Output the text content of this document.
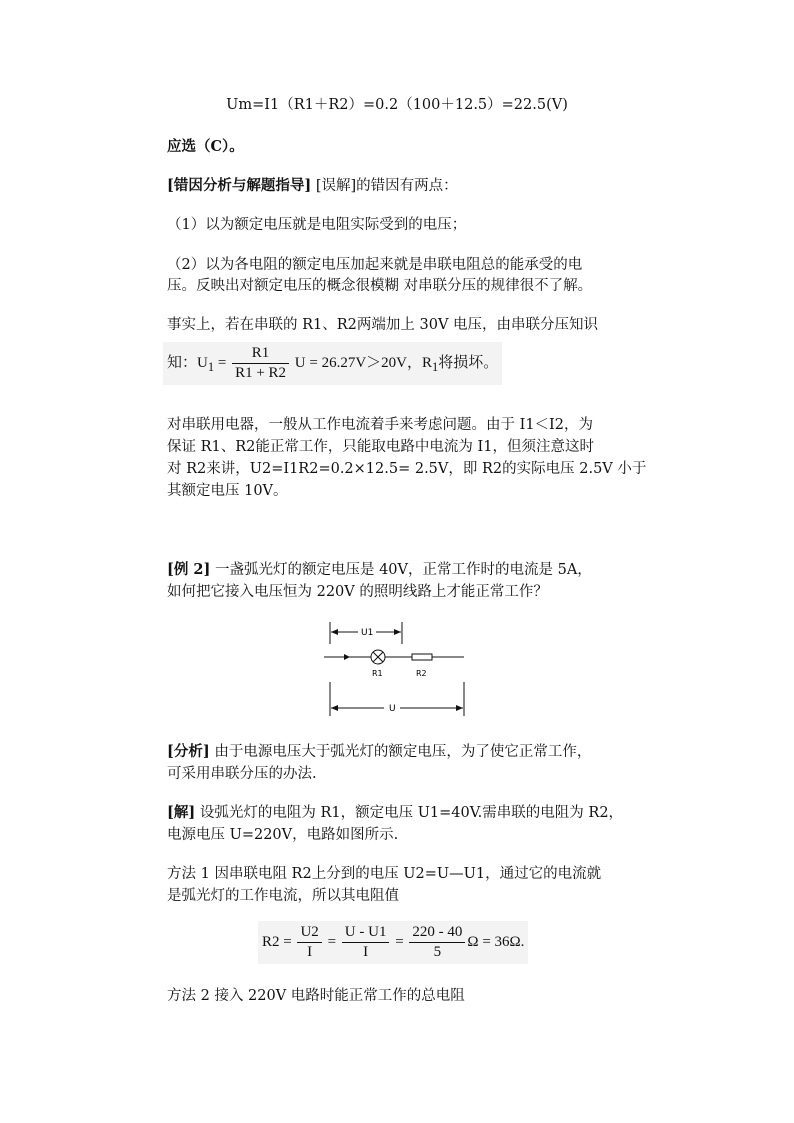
Um=I1（R1＋R2）=0.2（100＋12.5）=22.5(V)
应选（C）。
[错因分析与解题指导] [误解]的错因有两点：
（1）以为额定电压就是电阻实际受到的电压；
（2）以为各电阻的额定电压加起来就是串联电阻总的能承受的电
压。反映出对额定电压的概念很模糊 对串联分压的规律很不了解。
事实上，若在串联的 R1、R2两端加上 30V 电压，由串联分压知识
知：$U_1 = \frac{R1}{R1 + R2}$ U = 26.27V＞20V，$R_1$将损坏。
对串联用电器，一般从工作电流着手来考虑问题。由于 I1＜I2，为
保证 R1、R2能正常工作，只能取电路中电流为 I1，但须注意这时
对 R2来讲，U2=I1R2=0.2×12.5= 2.5V，即 R2的实际电压 2.5V 小于
其额定电压 10V。
[例 2] 一盏弧光灯的额定电压是 40V，正常工作时的电流是 5A，
如何把它接入电压恒为 220V 的照明线路上才能正常工作？
U1
R1	R2
U
[分析] 由于电源电压大于弧光灯的额定电压，为了使它正常工作，
可采用串联分压的办法.
[解] 设弧光灯的电阻为 R1，额定电压 U1=40V.需串联的电阻为 R2，
电源电压 U=220V，电路如图所示.
方法 1 因串联电阻 R2上分到的电压 U2=U—U1，通过它的电流就
是弧光灯的工作电流，所以其电阻值
$R2 = \frac{U2}{I} = \frac{U - U1}{I} = \frac{220 - 40}{5}$ Ω = 36Ω.
方法 2 接入 220V 电路时能正常工作的总电阻
